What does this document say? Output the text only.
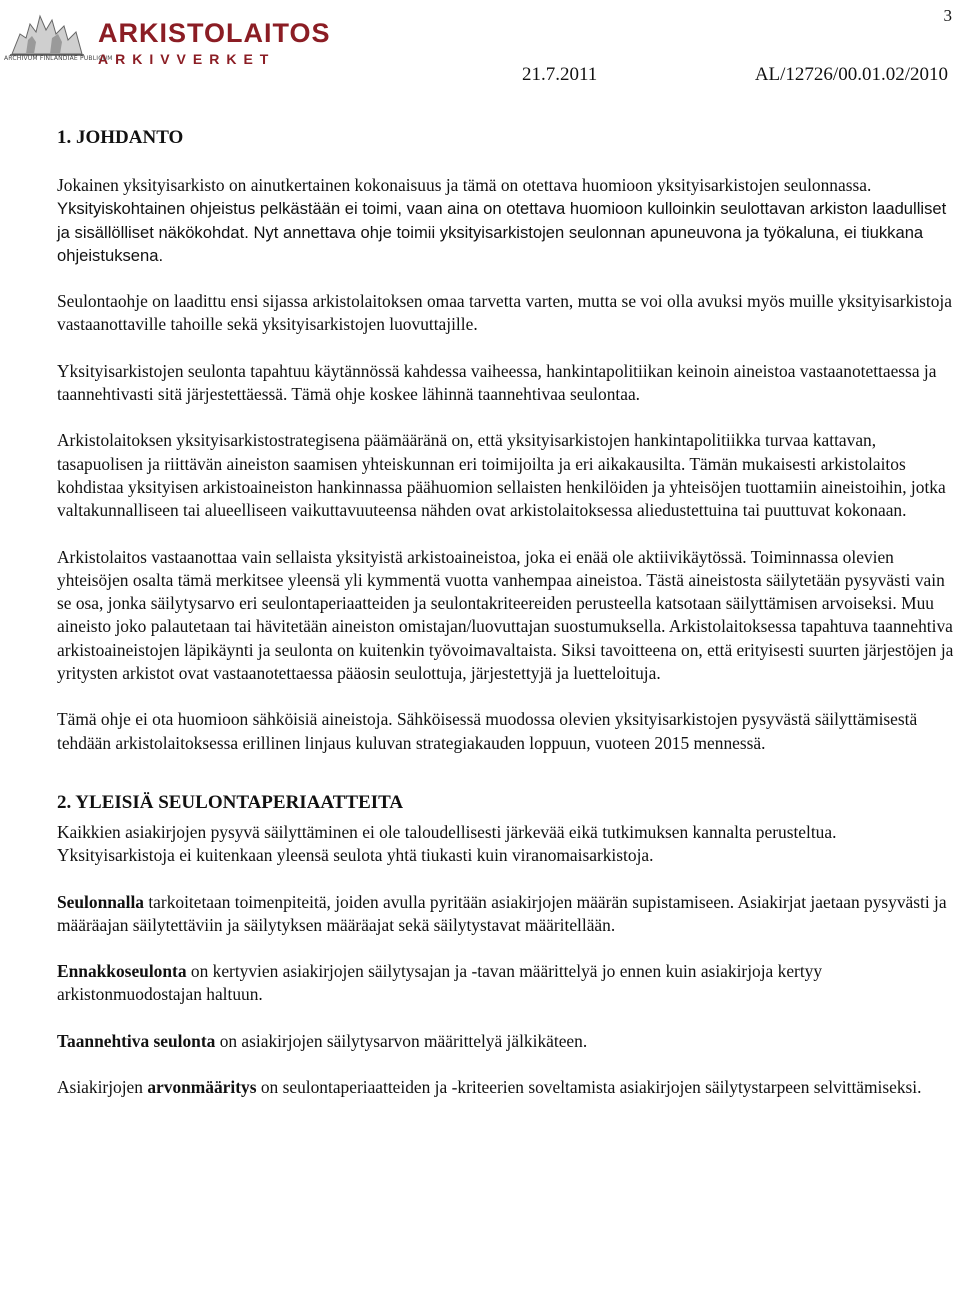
3
ARKISTOLAITOS
ARKIVVERKET
ARCHIVUM FINLANDIAE PUBLICUM
21.7.2011	AL/12726/00.01.02/2010
1. JOHDANTO

Jokainen yksityisarkisto on ainutkertainen kokonaisuus ja tämä on otettava huomioon yksityisarkistojen seulonnassa. Yksityiskohtainen ohjeistus pelkästään ei toimi, vaan aina on otettava huomioon kulloinkin seulottavan arkiston laadulliset ja sisällölliset näkökohdat. Nyt annettava ohje toimii yksityisarkistojen seulonnan apuneuvona ja työkaluna, ei tiukkana ohjeistuksena.

Seulontaohje on laadittu ensi sijassa arkistolaitoksen omaa tarvetta varten, mutta se voi olla avuksi myös muille yksityisarkistoja vastaanottaville tahoille sekä yksityisarkistojen luovuttajille.

Yksityisarkistojen seulonta tapahtuu käytännössä kahdessa vaiheessa, hankintapolitiikan keinoin aineistoa vastaanotettaessa ja taannehtivasti sitä järjestettäessä. Tämä ohje koskee lähinnä taannehtivaa seulontaa.

Arkistolaitoksen yksityisarkistostrategisena päämääränä on, että yksityisarkistojen hankintapolitiikka turvaa kattavan, tasapuolisen ja riittävän aineiston saamisen yhteiskunnan eri toimijoilta ja eri aikakausilta. Tämän mukaisesti arkistolaitos kohdistaa yksityisen arkistoaineiston hankinnassa päähuomion sellaisten henkilöiden ja yhteisöjen tuottamiin aineistoihin, jotka valtakunnalliseen tai alueelliseen vaikuttavuuteensa nähden ovat arkistolaitoksessa aliedustettuina tai puuttuvat kokonaan.

Arkistolaitos vastaanottaa vain sellaista yksityistä arkistoaineistoa, joka ei enää ole aktiivikäytössä. Toiminnassa olevien yhteisöjen osalta tämä merkitsee yleensä yli kymmentä vuotta vanhempaa aineistoa. Tästä aineistosta säilytetään pysyvästi vain se osa, jonka säilytysarvo eri seulontaperiaatteiden ja seulontakriteereiden perusteella katsotaan säilyttämisen arvoiseksi. Muu aineisto joko palautetaan tai hävitetään aineiston omistajan/luovuttajan suostumuksella. Arkistolaitoksessa tapahtuva taannehtiva arkistoaineistojen läpikäynti ja seulonta on kuitenkin työvoimavaltaista. Siksi tavoitteena on, että erityisesti suurten järjestöjen ja yritysten arkistot ovat vastaanotettaessa pääosin seulottuja, järjestettyjä ja luetteloituja.

Tämä ohje ei ota huomioon sähköisiä aineistoja. Sähköisessä muodossa olevien yksityisarkistojen pysyvästä säilyttämisestä tehdään arkistolaitoksessa erillinen linjaus kuluvan strategiakauden loppuun, vuoteen 2015 mennessä.

2. YLEISIÄ SEULONTAPERIAATTEITA

Kaikkien asiakirjojen pysyvä säilyttäminen ei ole taloudellisesti järkevää eikä tutkimuksen kannalta perusteltua. Yksityisarkistoja ei kuitenkaan yleensä seulota yhtä tiukasti kuin viranomaisarkistoja.

Seulonnalla tarkoitetaan toimenpiteitä, joiden avulla pyritään asiakirjojen määrän supistamiseen. Asiakirjat jaetaan pysyvästi ja määräajan säilytettäviin ja säilytyksen määräajat sekä säilytystavat määritellään.

Ennakkoseulonta on kertyvien asiakirjojen säilytysajan ja -tavan määrittelyä jo ennen kuin asiakirjoja kertyy arkistonmuodostajan haltuun.

Taannehtiva seulonta on asiakirjojen säilytysarvon määrittelyä jälkikäteen.

Asiakirjojen arvonmääritys on seulontaperiaatteiden ja -kriteerien soveltamista asiakirjojen säilytystarpeen selvittämiseksi.
